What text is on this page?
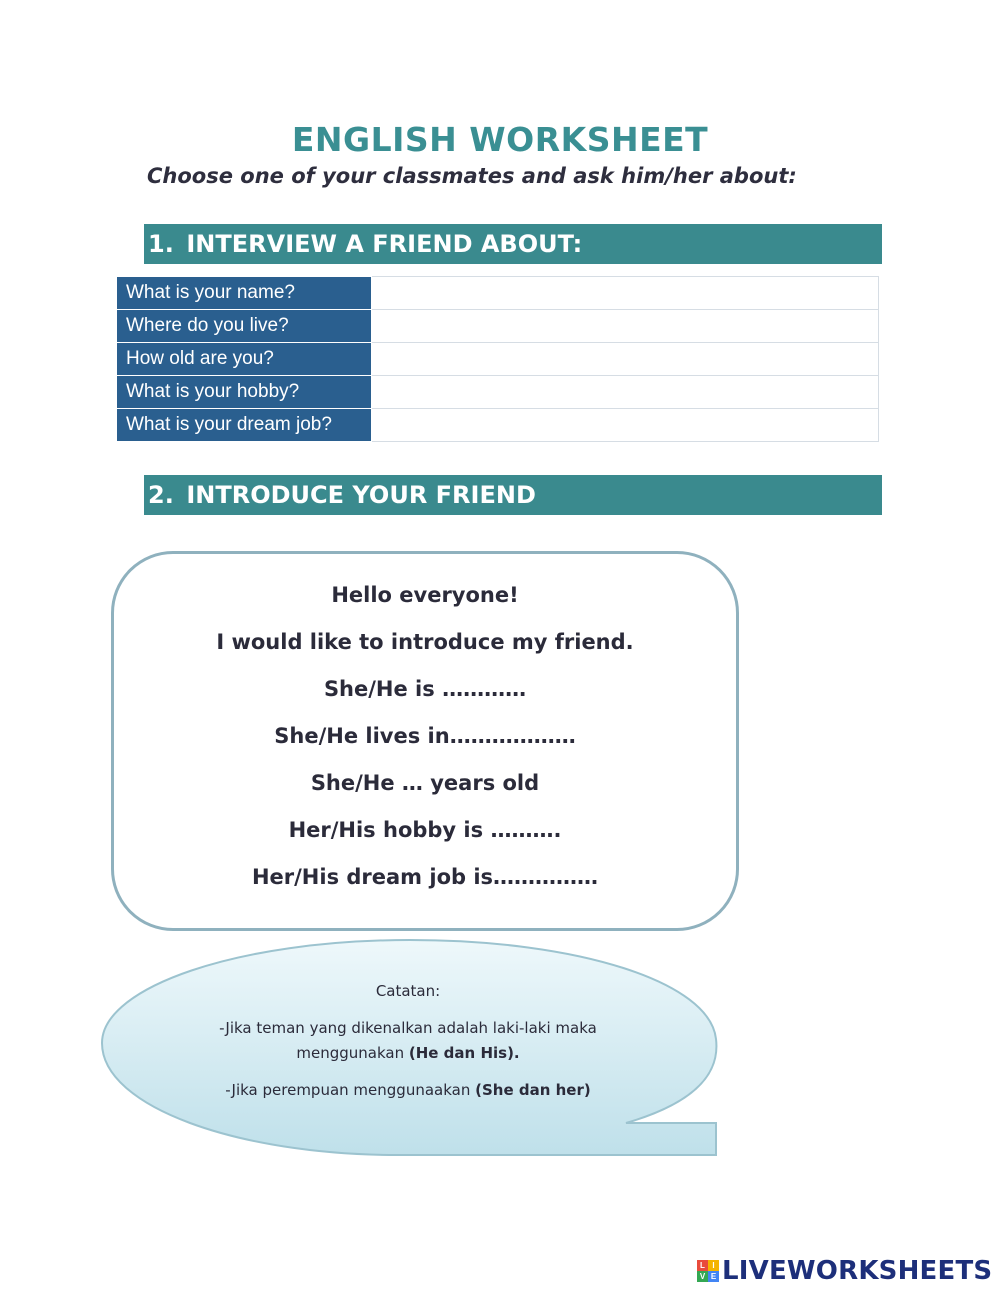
ENGLISH WORKSHEET
Choose one of your classmates and ask him/her about:
1. INTERVIEW A FRIEND ABOUT:
What is your name?	
Where do you live?	
How old are you?	
What is your hobby?	
What is your dream job?	
2. INTRODUCE YOUR FRIEND

Hello everyone!

I would like to introduce my friend.

She/He is …………

She/He lives in………………

She/He … years old

Her/His hobby is ……….

Her/His dream job is……………

Catatan:
-Jika teman yang dikenalkan adalah laki-laki maka
menggunakan (He dan His).
-Jika perempuan menggunaakan (She dan her)
L I
V E LIVEWORKSHEETS
